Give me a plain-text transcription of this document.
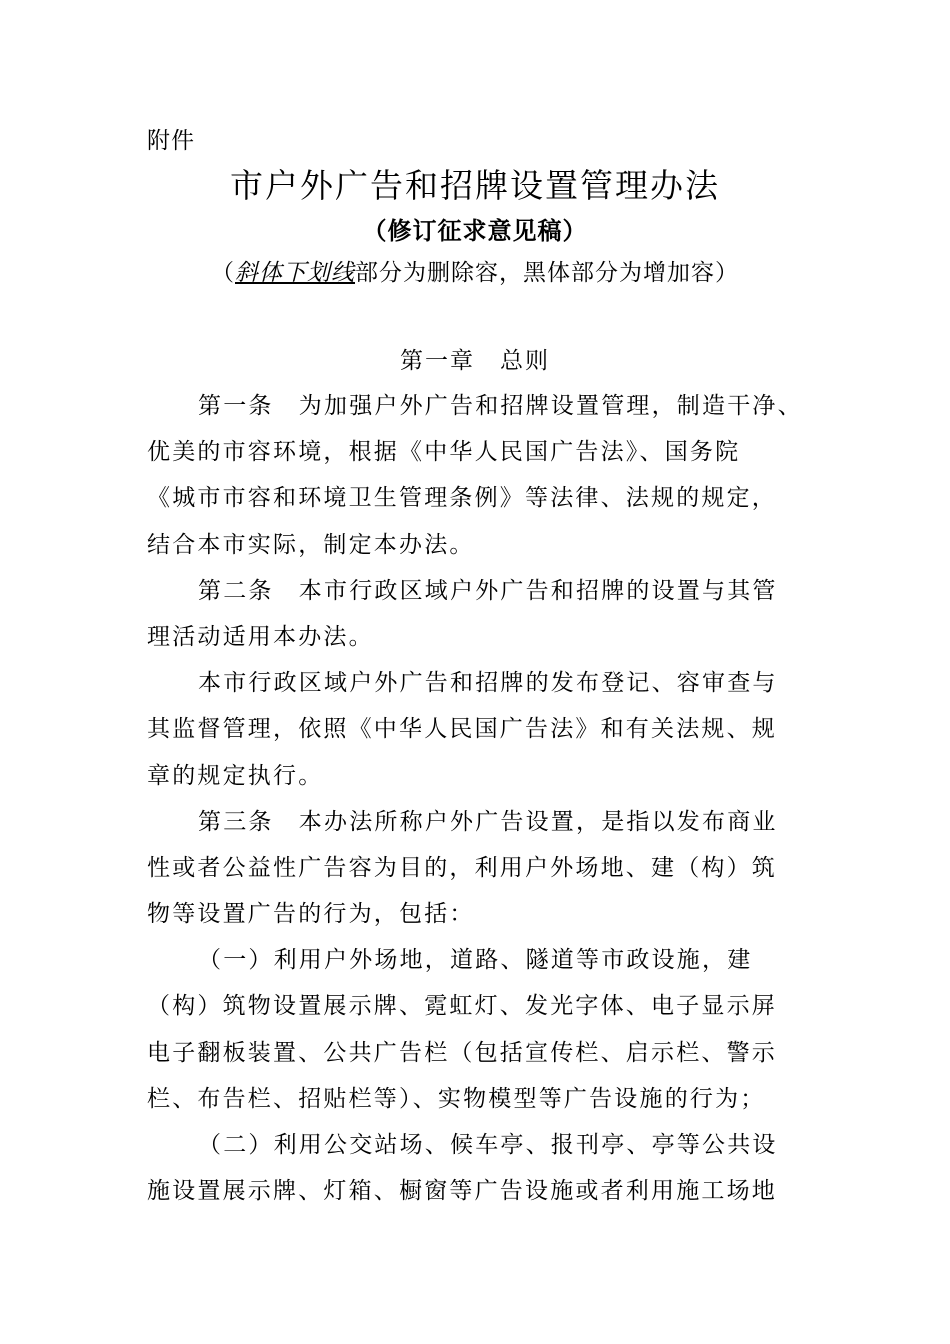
附件
市户外广告和招牌设置管理办法
（修订征求意见稿）
（斜体下划线部分为删除容，黑体部分为增加容）
第一章　总则
第一条　为加强户外广告和招牌设置管理，制造干净、
优美的市容环境，根据《中华人民国广告法》、国务院
《城市市容和环境卫生管理条例》等法律、法规的规定，
结合本市实际，制定本办法。
第二条　本市行政区域户外广告和招牌的设置与其管
理活动适用本办法。
本市行政区域户外广告和招牌的发布登记、容审查与
其监督管理，依照《中华人民国广告法》和有关法规、规
章的规定执行。
第三条　本办法所称户外广告设置，是指以发布商业
性或者公益性广告容为目的，利用户外场地、建（构）筑
物等设置广告的行为，包括：
（一）利用户外场地，道路、隧道等市政设施，建
（构）筑物设置展示牌、霓虹灯、发光字体、电子显示屏
电子翻板装置、公共广告栏（包括宣传栏、启示栏、警示
栏、布告栏、招贴栏等）、实物模型等广告设施的行为；
（二）利用公交站场、候车亭、报刊亭、亭等公共设
施设置展示牌、灯箱、橱窗等广告设施或者利用施工场地
